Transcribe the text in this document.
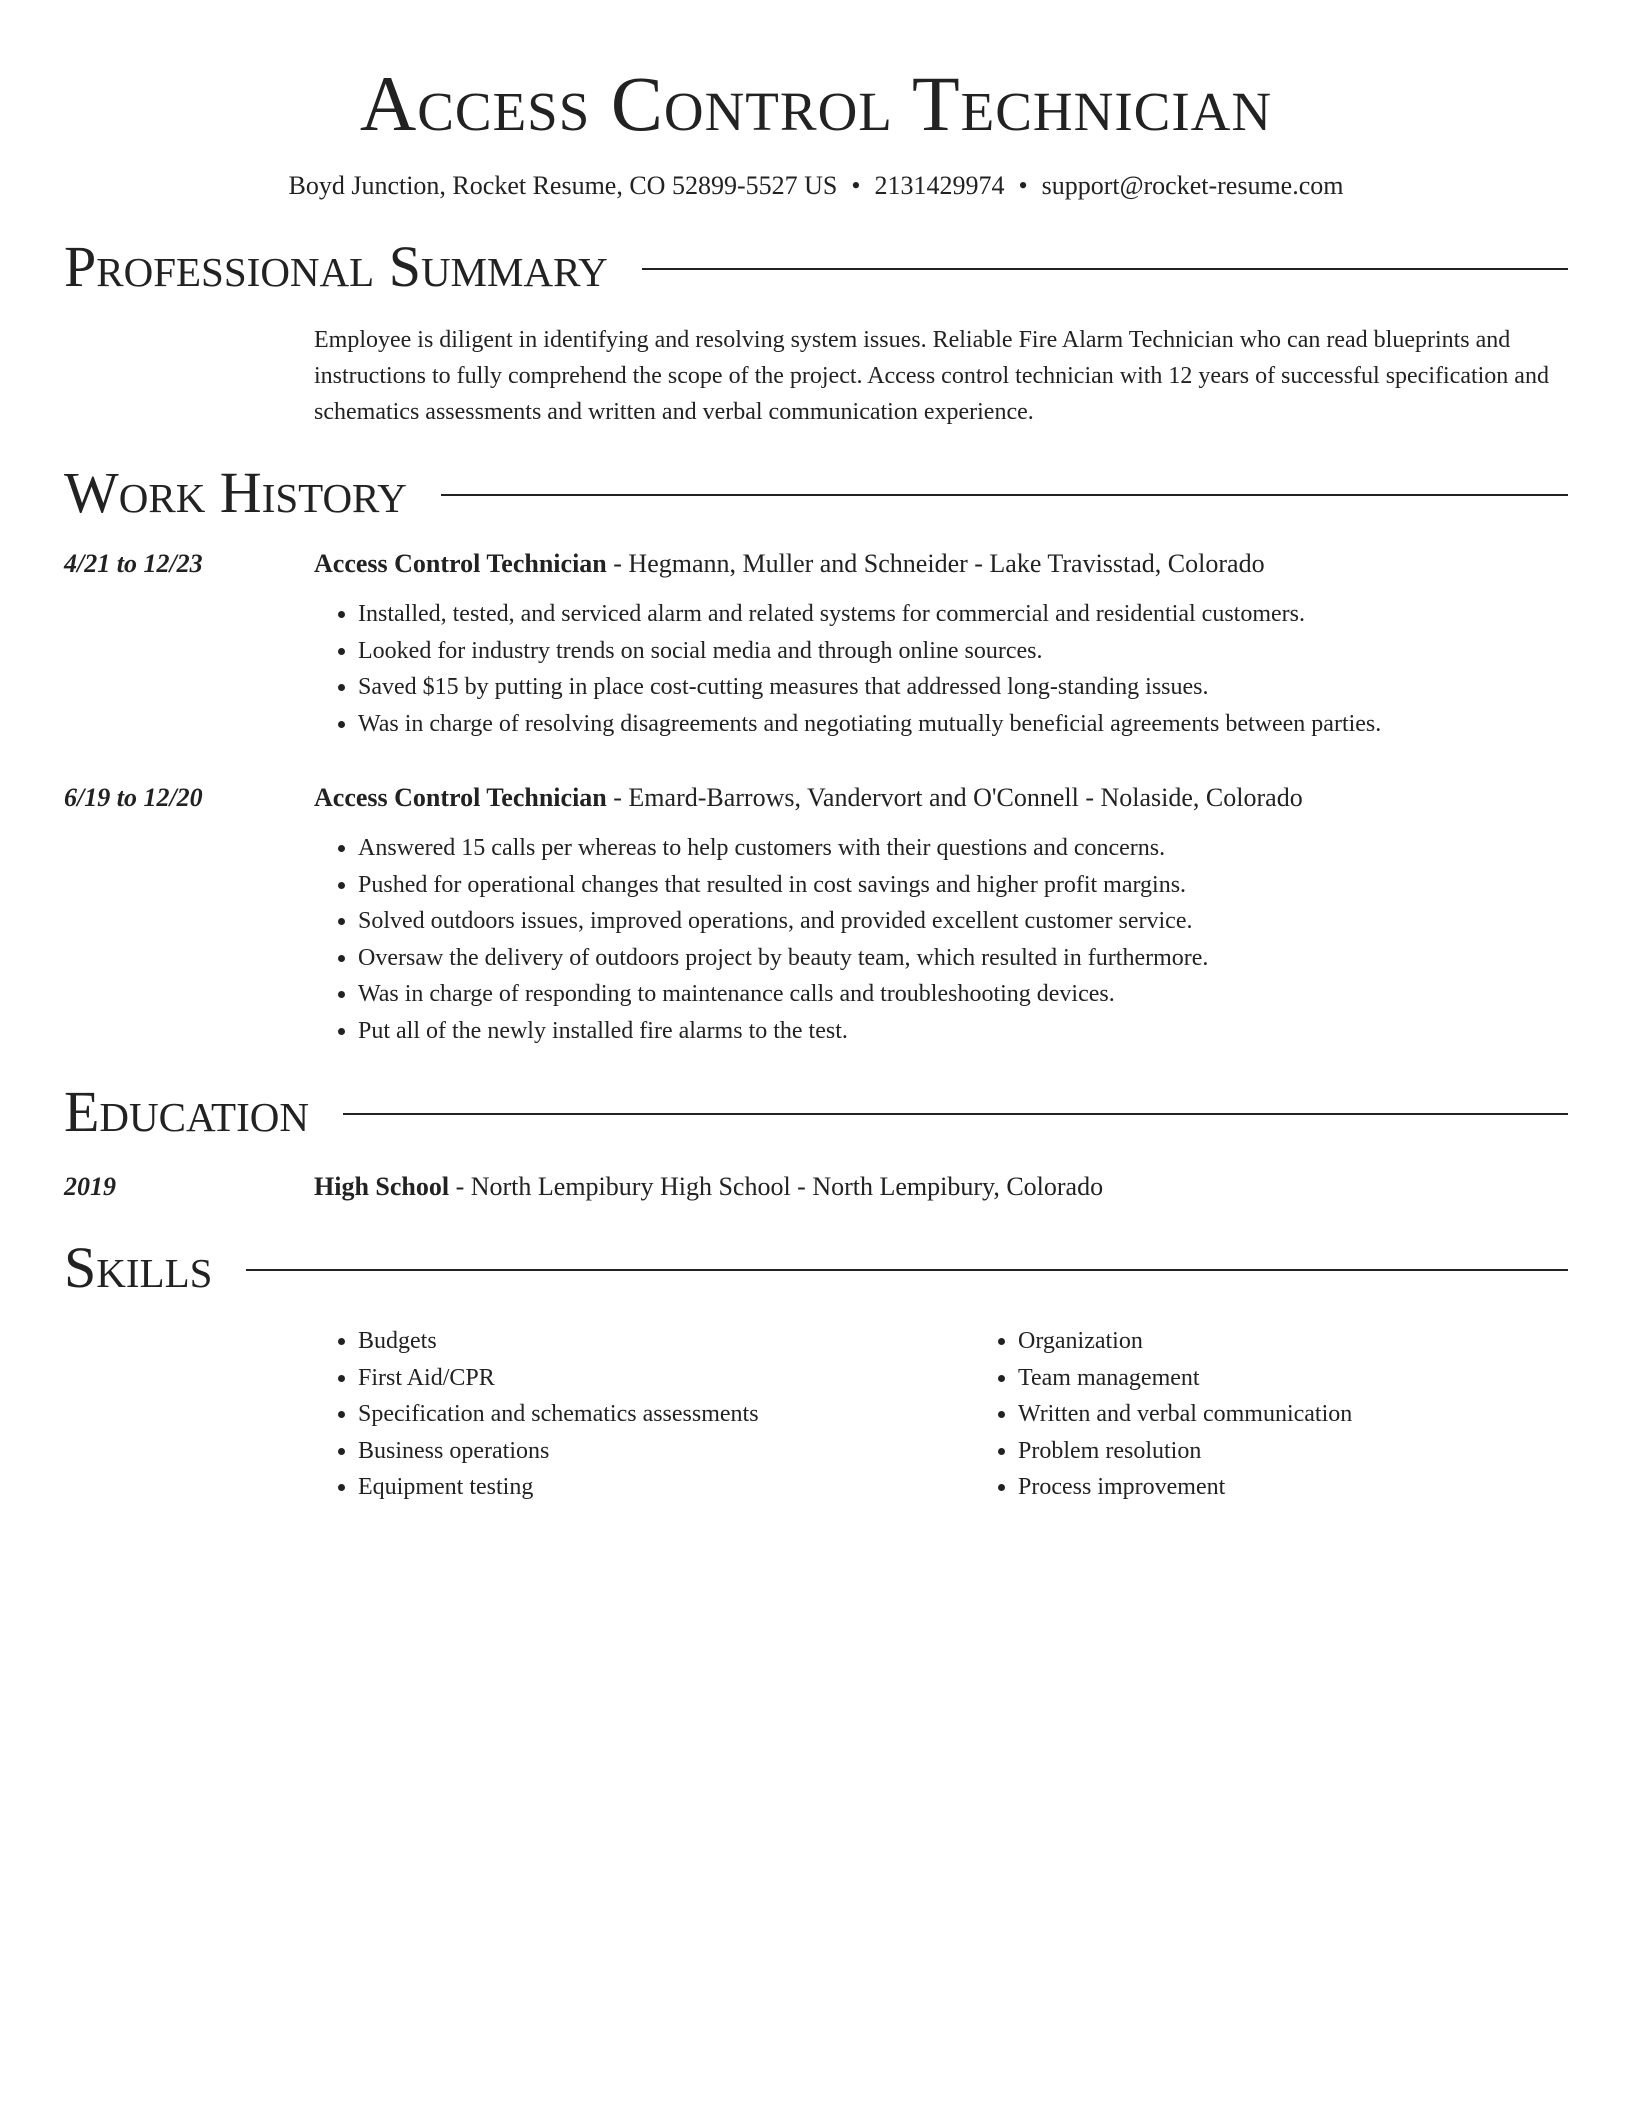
Access Control Technician
Boyd Junction, Rocket Resume, CO 52899-5527 US • 2131429974 • support@rocket-resume.com
Professional Summary
Employee is diligent in identifying and resolving system issues. Reliable Fire Alarm Technician who can read blueprints and instructions to fully comprehend the scope of the project. Access control technician with 12 years of successful specification and schematics assessments and written and verbal communication experience.
Work History
4/21 to 12/23	Access Control Technician - Hegmann, Muller and Schneider - Lake Travisstad, Colorado
• Installed, tested, and serviced alarm and related systems for commercial and residential customers.
• Looked for industry trends on social media and through online sources.
• Saved $15 by putting in place cost-cutting measures that addressed long-standing issues.
• Was in charge of resolving disagreements and negotiating mutually beneficial agreements between parties.
6/19 to 12/20	Access Control Technician - Emard-Barrows, Vandervort and O'Connell - Nolaside, Colorado
• Answered 15 calls per whereas to help customers with their questions and concerns.
• Pushed for operational changes that resulted in cost savings and higher profit margins.
• Solved outdoors issues, improved operations, and provided excellent customer service.
• Oversaw the delivery of outdoors project by beauty team, which resulted in furthermore.
• Was in charge of responding to maintenance calls and troubleshooting devices.
• Put all of the newly installed fire alarms to the test.
Education
2019	High School - North Lempibury High School - North Lempibury, Colorado
Skills
• Budgets
• First Aid/CPR
• Specification and schematics assessments
• Business operations
• Equipment testing
• Organization
• Team management
• Written and verbal communication
• Problem resolution
• Process improvement
